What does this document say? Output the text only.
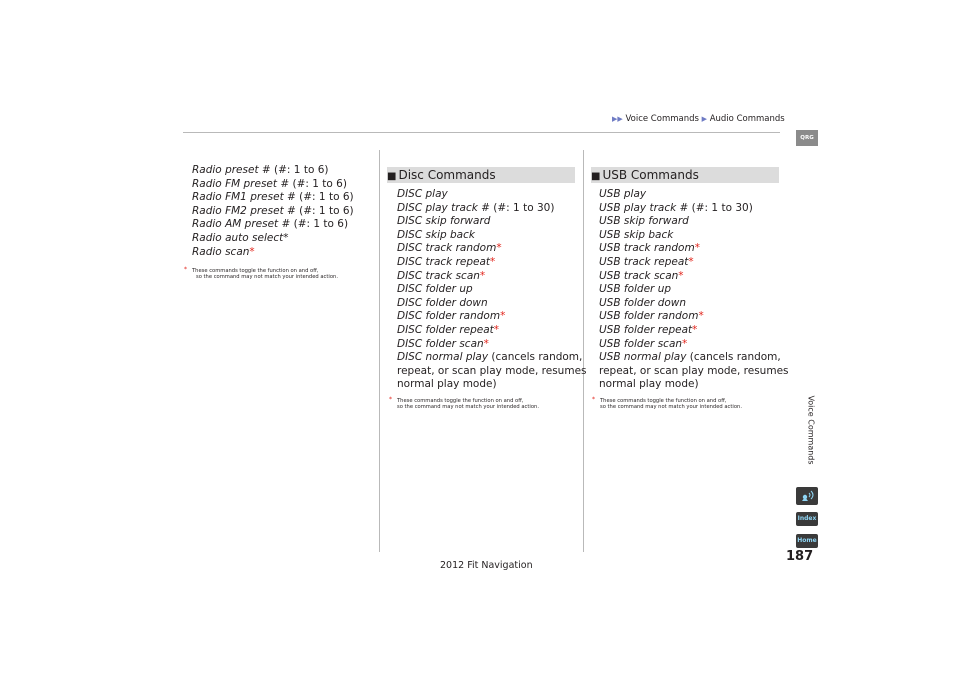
▶▶ Voice Commands ▶ Audio Commands
Radio preset # (#: 1 to 6)
Radio FM preset # (#: 1 to 6)
Radio FM1 preset # (#: 1 to 6)
Radio FM2 preset # (#: 1 to 6)
Radio AM preset # (#: 1 to 6)
Radio auto select*
Radio scan*
* These commands toggle the function on and off,
so the command may not match your intended action.
■ Disc Commands
DISC play
DISC play track # (#: 1 to 30)
DISC skip forward
DISC skip back
DISC track random*
DISC track repeat*
DISC track scan*
DISC folder up
DISC folder down
DISC folder random*
DISC folder repeat*
DISC folder scan*
DISC normal play (cancels random,
repeat, or scan play mode, resumes
normal play mode)
* These commands toggle the function on and off,
so the command may not match your intended action.
■ USB Commands
USB play
USB play track # (#: 1 to 30)
USB skip forward
USB skip back
USB track random*
USB track repeat*
USB track scan*
USB folder up
USB folder down
USB folder random*
USB folder repeat*
USB folder scan*
USB normal play (cancels random,
repeat, or scan play mode, resumes
normal play mode)
* These commands toggle the function on and off,
so the command may not match your intended action.
QRG
Voice Commands
Index
Home
187
2012 Fit Navigation
